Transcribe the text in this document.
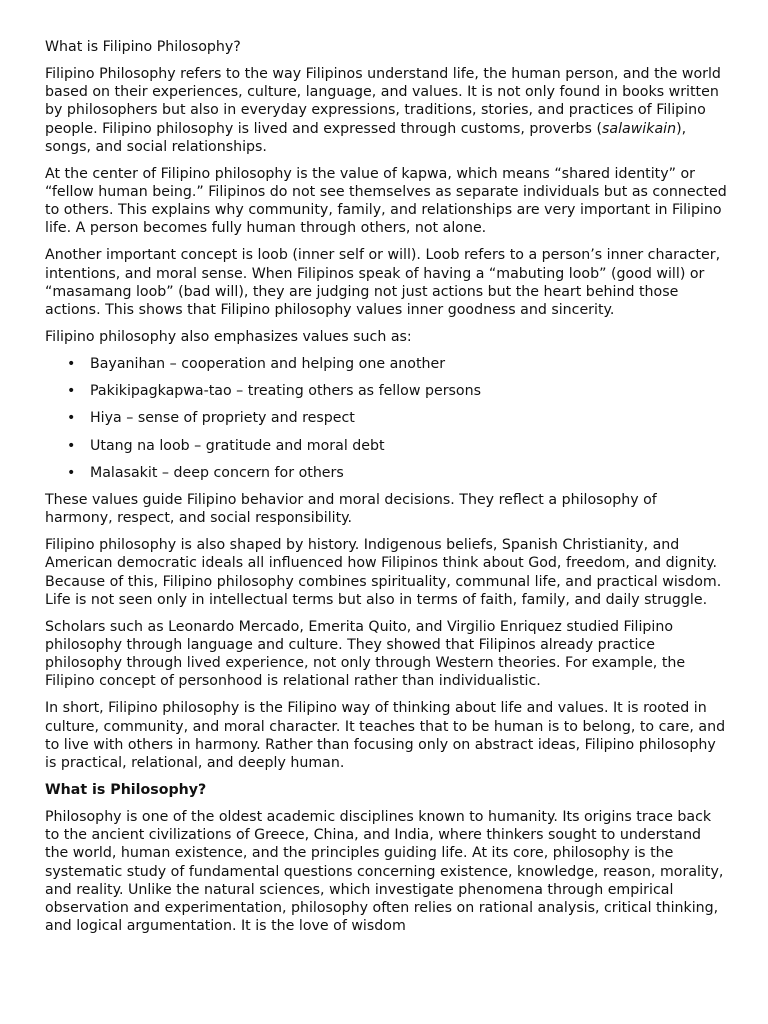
What is Filipino Philosophy?

Filipino Philosophy refers to the way Filipinos understand life, the human person, and the world based on their experiences, culture, language, and values. It is not only found in books written by philosophers but also in everyday expressions, traditions, stories, and practices of Filipino people. Filipino philosophy is lived and expressed through customs, proverbs (salawikain), songs, and social relationships.

At the center of Filipino philosophy is the value of kapwa, which means “shared identity” or “fellow human being.” Filipinos do not see themselves as separate individuals but as connected to others. This explains why community, family, and relationships are very important in Filipino life. A person becomes fully human through others, not alone.

Another important concept is loob (inner self or will). Loob refers to a person’s inner character, intentions, and moral sense. When Filipinos speak of having a “mabuting loob” (good will) or “masamang loob” (bad will), they are judging not just actions but the heart behind those actions. This shows that Filipino philosophy values inner goodness and sincerity.

Filipino philosophy also emphasizes values such as:

• Bayanihan – cooperation and helping one another
• Pakikipagkapwa-tao – treating others as fellow persons
• Hiya – sense of propriety and respect
• Utang na loob – gratitude and moral debt
• Malasakit – deep concern for others

These values guide Filipino behavior and moral decisions. They reflect a philosophy of harmony, respect, and social responsibility.

Filipino philosophy is also shaped by history. Indigenous beliefs, Spanish Christianity, and American democratic ideals all influenced how Filipinos think about God, freedom, and dignity. Because of this, Filipino philosophy combines spirituality, communal life, and practical wisdom. Life is not seen only in intellectual terms but also in terms of faith, family, and daily struggle.

Scholars such as Leonardo Mercado, Emerita Quito, and Virgilio Enriquez studied Filipino philosophy through language and culture. They showed that Filipinos already practice philosophy through lived experience, not only through Western theories. For example, the Filipino concept of personhood is relational rather than individualistic.

In short, Filipino philosophy is the Filipino way of thinking about life and values. It is rooted in culture, community, and moral character. It teaches that to be human is to belong, to care, and to live with others in harmony. Rather than focusing only on abstract ideas, Filipino philosophy is practical, relational, and deeply human.

What is Philosophy?

Philosophy is one of the oldest academic disciplines known to humanity. Its origins trace back to the ancient civilizations of Greece, China, and India, where thinkers sought to understand the world, human existence, and the principles guiding life. At its core, philosophy is the systematic study of fundamental questions concerning existence, knowledge, reason, morality, and reality. Unlike the natural sciences, which investigate phenomena through empirical observation and experimentation, philosophy often relies on rational analysis, critical thinking, and logical argumentation. It is the love of wisdom
